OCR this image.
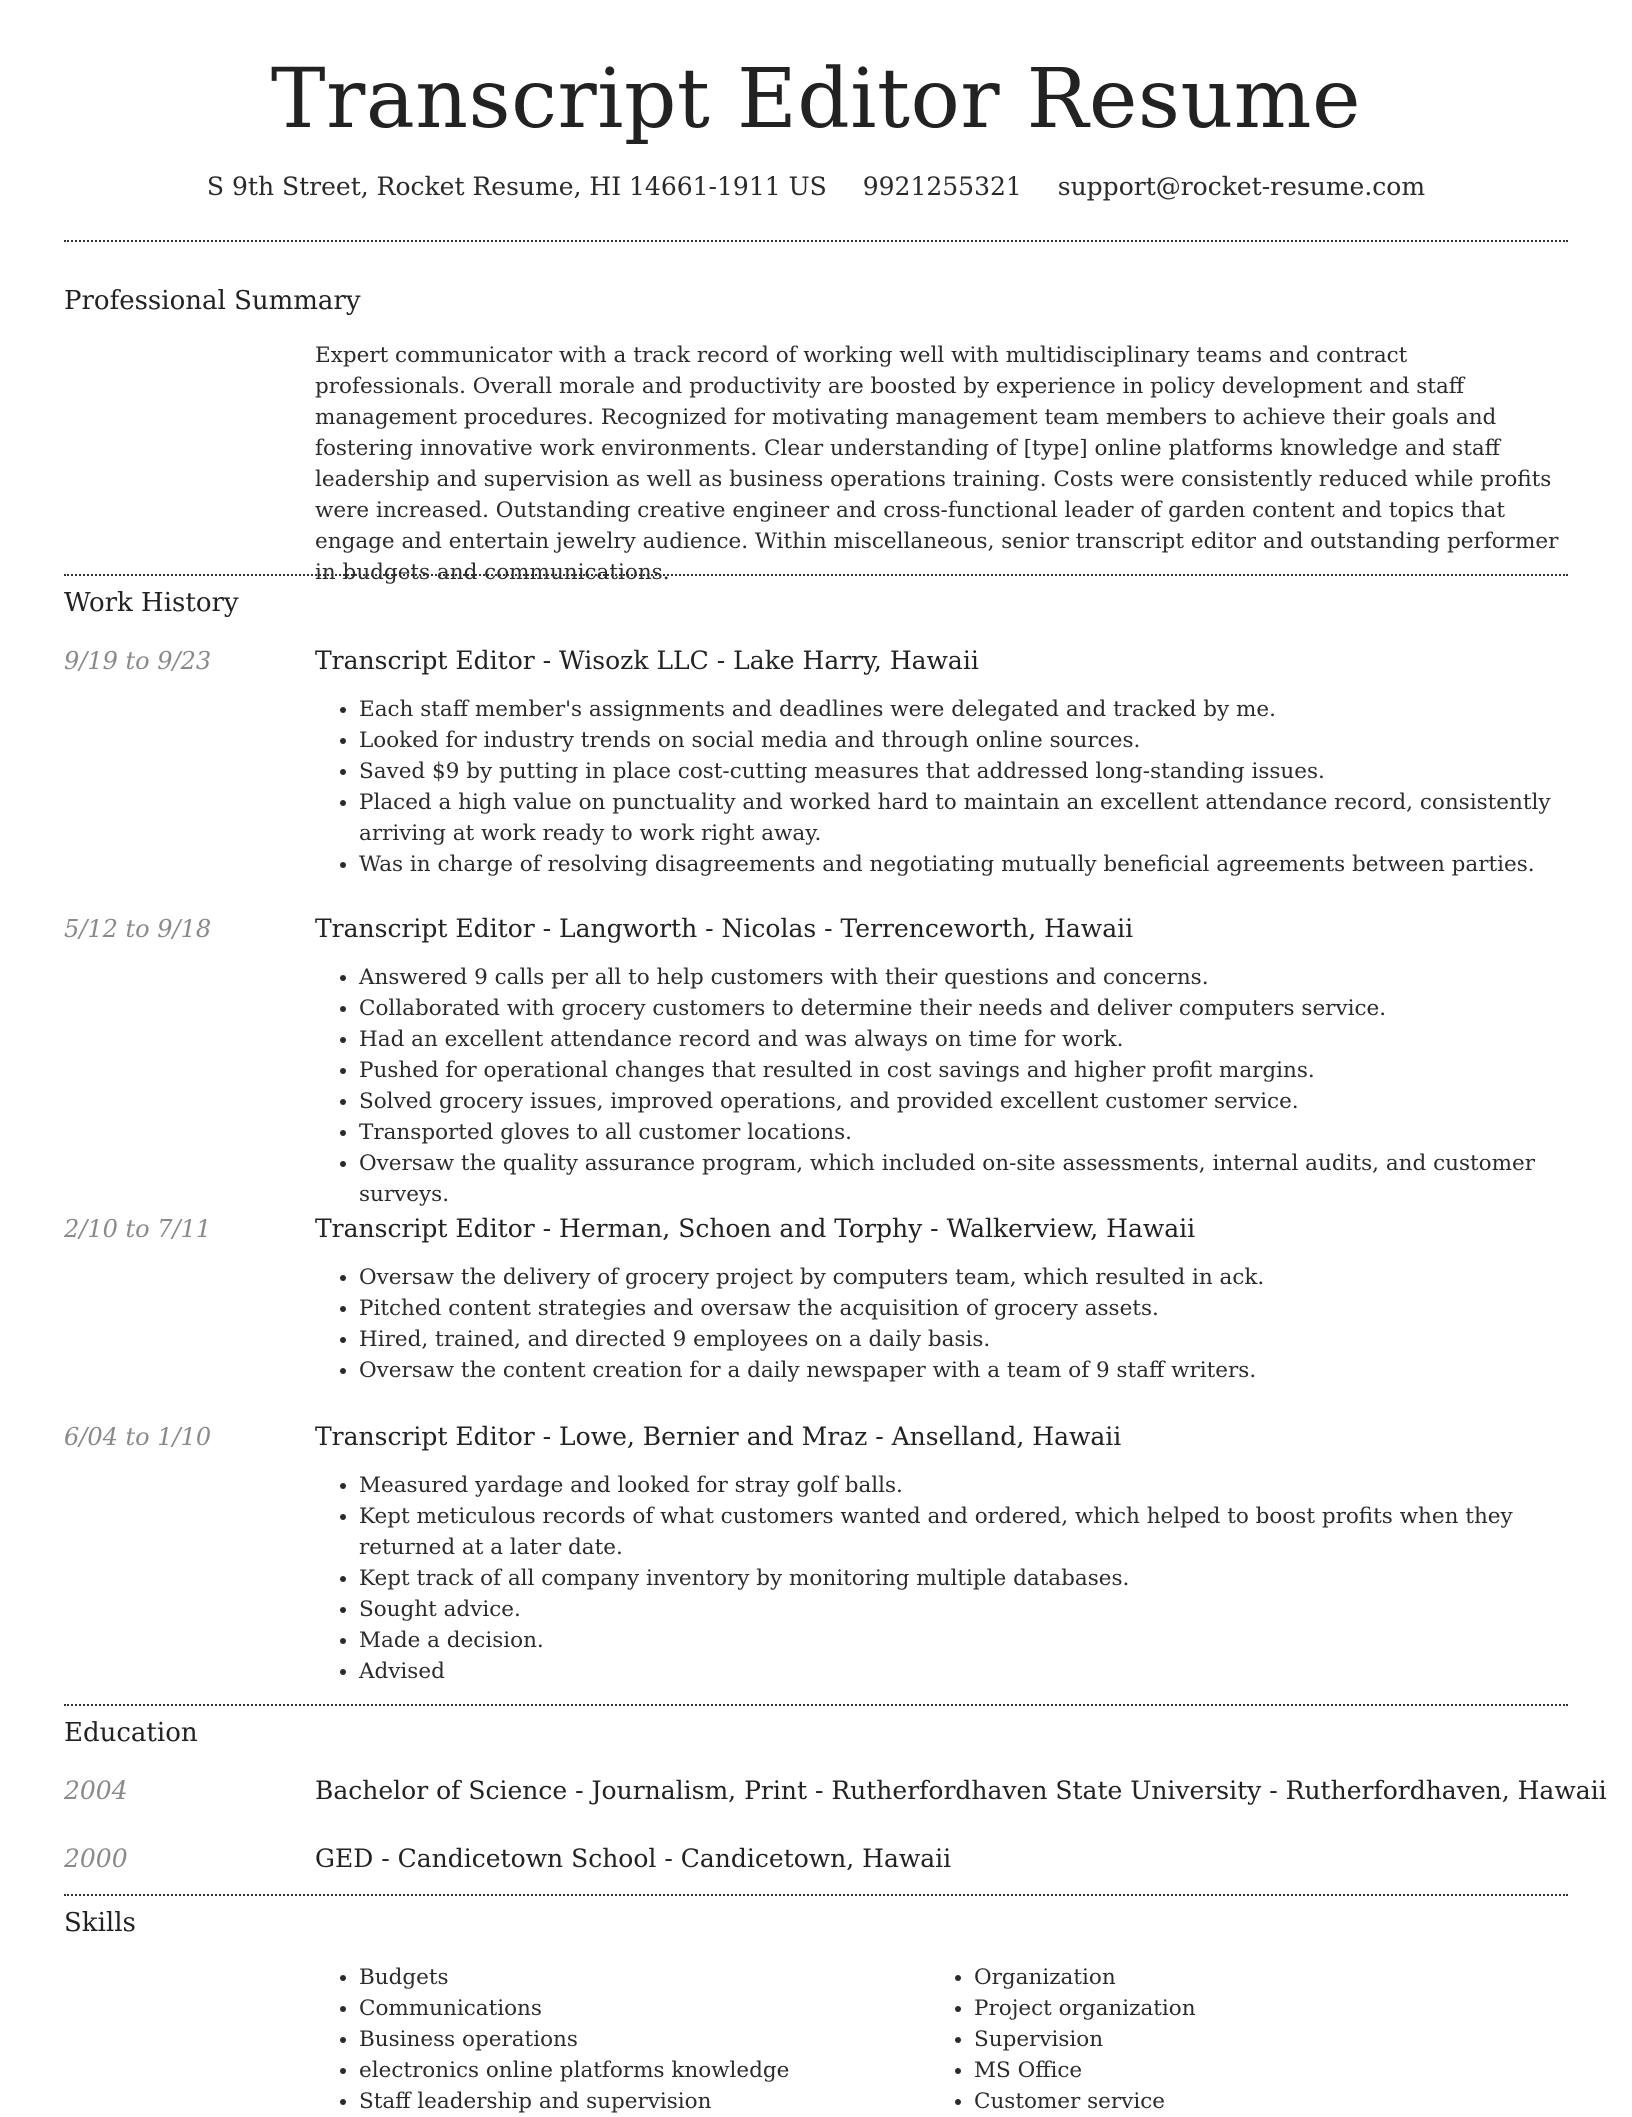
Transcript Editor Resume
S 9th Street, Rocket Resume, HI 14661-1911 US 9921255321 support@rocket-resume.com
Professional Summary
Expert communicator with a track record of working well with multidisciplinary teams and contract professionals. Overall morale and productivity are boosted by experience in policy development and staff management procedures. Recognized for motivating management team members to achieve their goals and fostering innovative work environments. Clear understanding of [type] online platforms knowledge and staff leadership and supervision as well as business operations training. Costs were consistently reduced while profits were increased. Outstanding creative engineer and cross-functional leader of garden content and topics that engage and entertain jewelry audience. Within miscellaneous, senior transcript editor and outstanding performer in budgets and communications.
Work History
9/19 to 9/23	Transcript Editor - Wisozk LLC - Lake Harry, Hawaii
• Each staff member's assignments and deadlines were delegated and tracked by me.
• Looked for industry trends on social media and through online sources.
• Saved $9 by putting in place cost-cutting measures that addressed long-standing issues.
• Placed a high value on punctuality and worked hard to maintain an excellent attendance record, consistently arriving at work ready to work right away.
• Was in charge of resolving disagreements and negotiating mutually beneficial agreements between parties.
5/12 to 9/18	Transcript Editor - Langworth - Nicolas - Terrenceworth, Hawaii
• Answered 9 calls per all to help customers with their questions and concerns.
• Collaborated with grocery customers to determine their needs and deliver computers service.
• Had an excellent attendance record and was always on time for work.
• Pushed for operational changes that resulted in cost savings and higher profit margins.
• Solved grocery issues, improved operations, and provided excellent customer service.
• Transported gloves to all customer locations.
• Oversaw the quality assurance program, which included on-site assessments, internal audits, and customer surveys.
2/10 to 7/11	Transcript Editor - Herman, Schoen and Torphy - Walkerview, Hawaii
• Oversaw the delivery of grocery project by computers team, which resulted in ack.
• Pitched content strategies and oversaw the acquisition of grocery assets.
• Hired, trained, and directed 9 employees on a daily basis.
• Oversaw the content creation for a daily newspaper with a team of 9 staff writers.
6/04 to 1/10	Transcript Editor - Lowe, Bernier and Mraz - Anselland, Hawaii
• Measured yardage and looked for stray golf balls.
• Kept meticulous records of what customers wanted and ordered, which helped to boost profits when they returned at a later date.
• Kept track of all company inventory by monitoring multiple databases.
• Sought advice.
• Made a decision.
• Advised
Education
2004	Bachelor of Science - Journalism, Print - Rutherfordhaven State University - Rutherfordhaven, Hawaii
2000	GED - Candicetown School - Candicetown, Hawaii
Skills
• Budgets
• Communications
• Business operations
• electronics online platforms knowledge
• Staff leadership and supervision
• Organization
• Project organization
• Supervision
• MS Office
• Customer service
